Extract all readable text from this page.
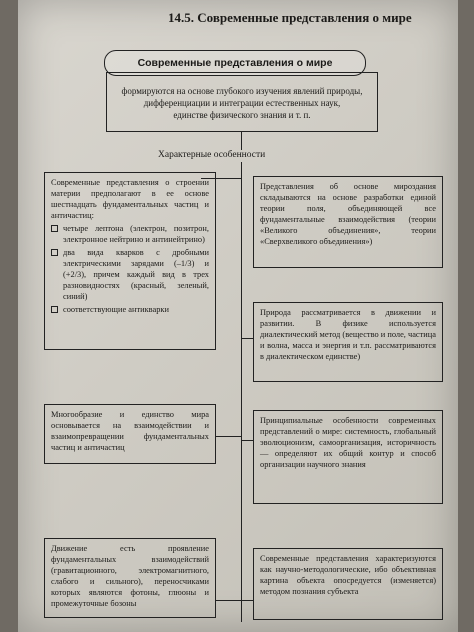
14.5. Современные представления о мире
Современные представления о мире
формируются на основе глубокого изучения явлений природы,
дифференциации и интеграции естественных наук,
единстве физического знания и т. п.
Характерные особенности

Современные представления о строении материи предполагают в ее основе шестнадцать фундаментальных частиц и античастиц:

четыре лептона (электрон, позитрон, электронное нейтрино и антинейтрино)
два вида кварков с дробными электрическими зарядами (–1/3) и (+2/3), причем каждый вид в трех разновидностях (красный, зеленый, синий)
соответствующие антикварки
Многообразие и единство мира основывается на взаимодействии и взаимопревращении фундаментальных частиц и античастиц
Движение есть проявление фундаментальных взаимодействий (гравитационного, электромагнитного, слабого и сильного), переносчиками которых являются фотоны, глюоны и промежуточные бозоны
Представления об основе мироздания складываются на основе разработки единой теории поля, объединяющей все фундаментальные взаимодействия (теории «Великого объединения», теории «Сверхвеликого объединения»)
Природа рассматривается в движении и развитии. В физике используется диалектический метод (вещество и поле, частица и волна, масса и энергия и т.п. рассматриваются в диалектическом единстве)
Принципиальные особенности современных представлений о мире: системность, глобальный эволюционизм, самоорганизация, историчность — определяют их общий контур и способ организации научного знания
Современные представления характеризуются как научно-методологические, ибо объективная картина объекта опосредуется (изменяется) методом познания субъекта
